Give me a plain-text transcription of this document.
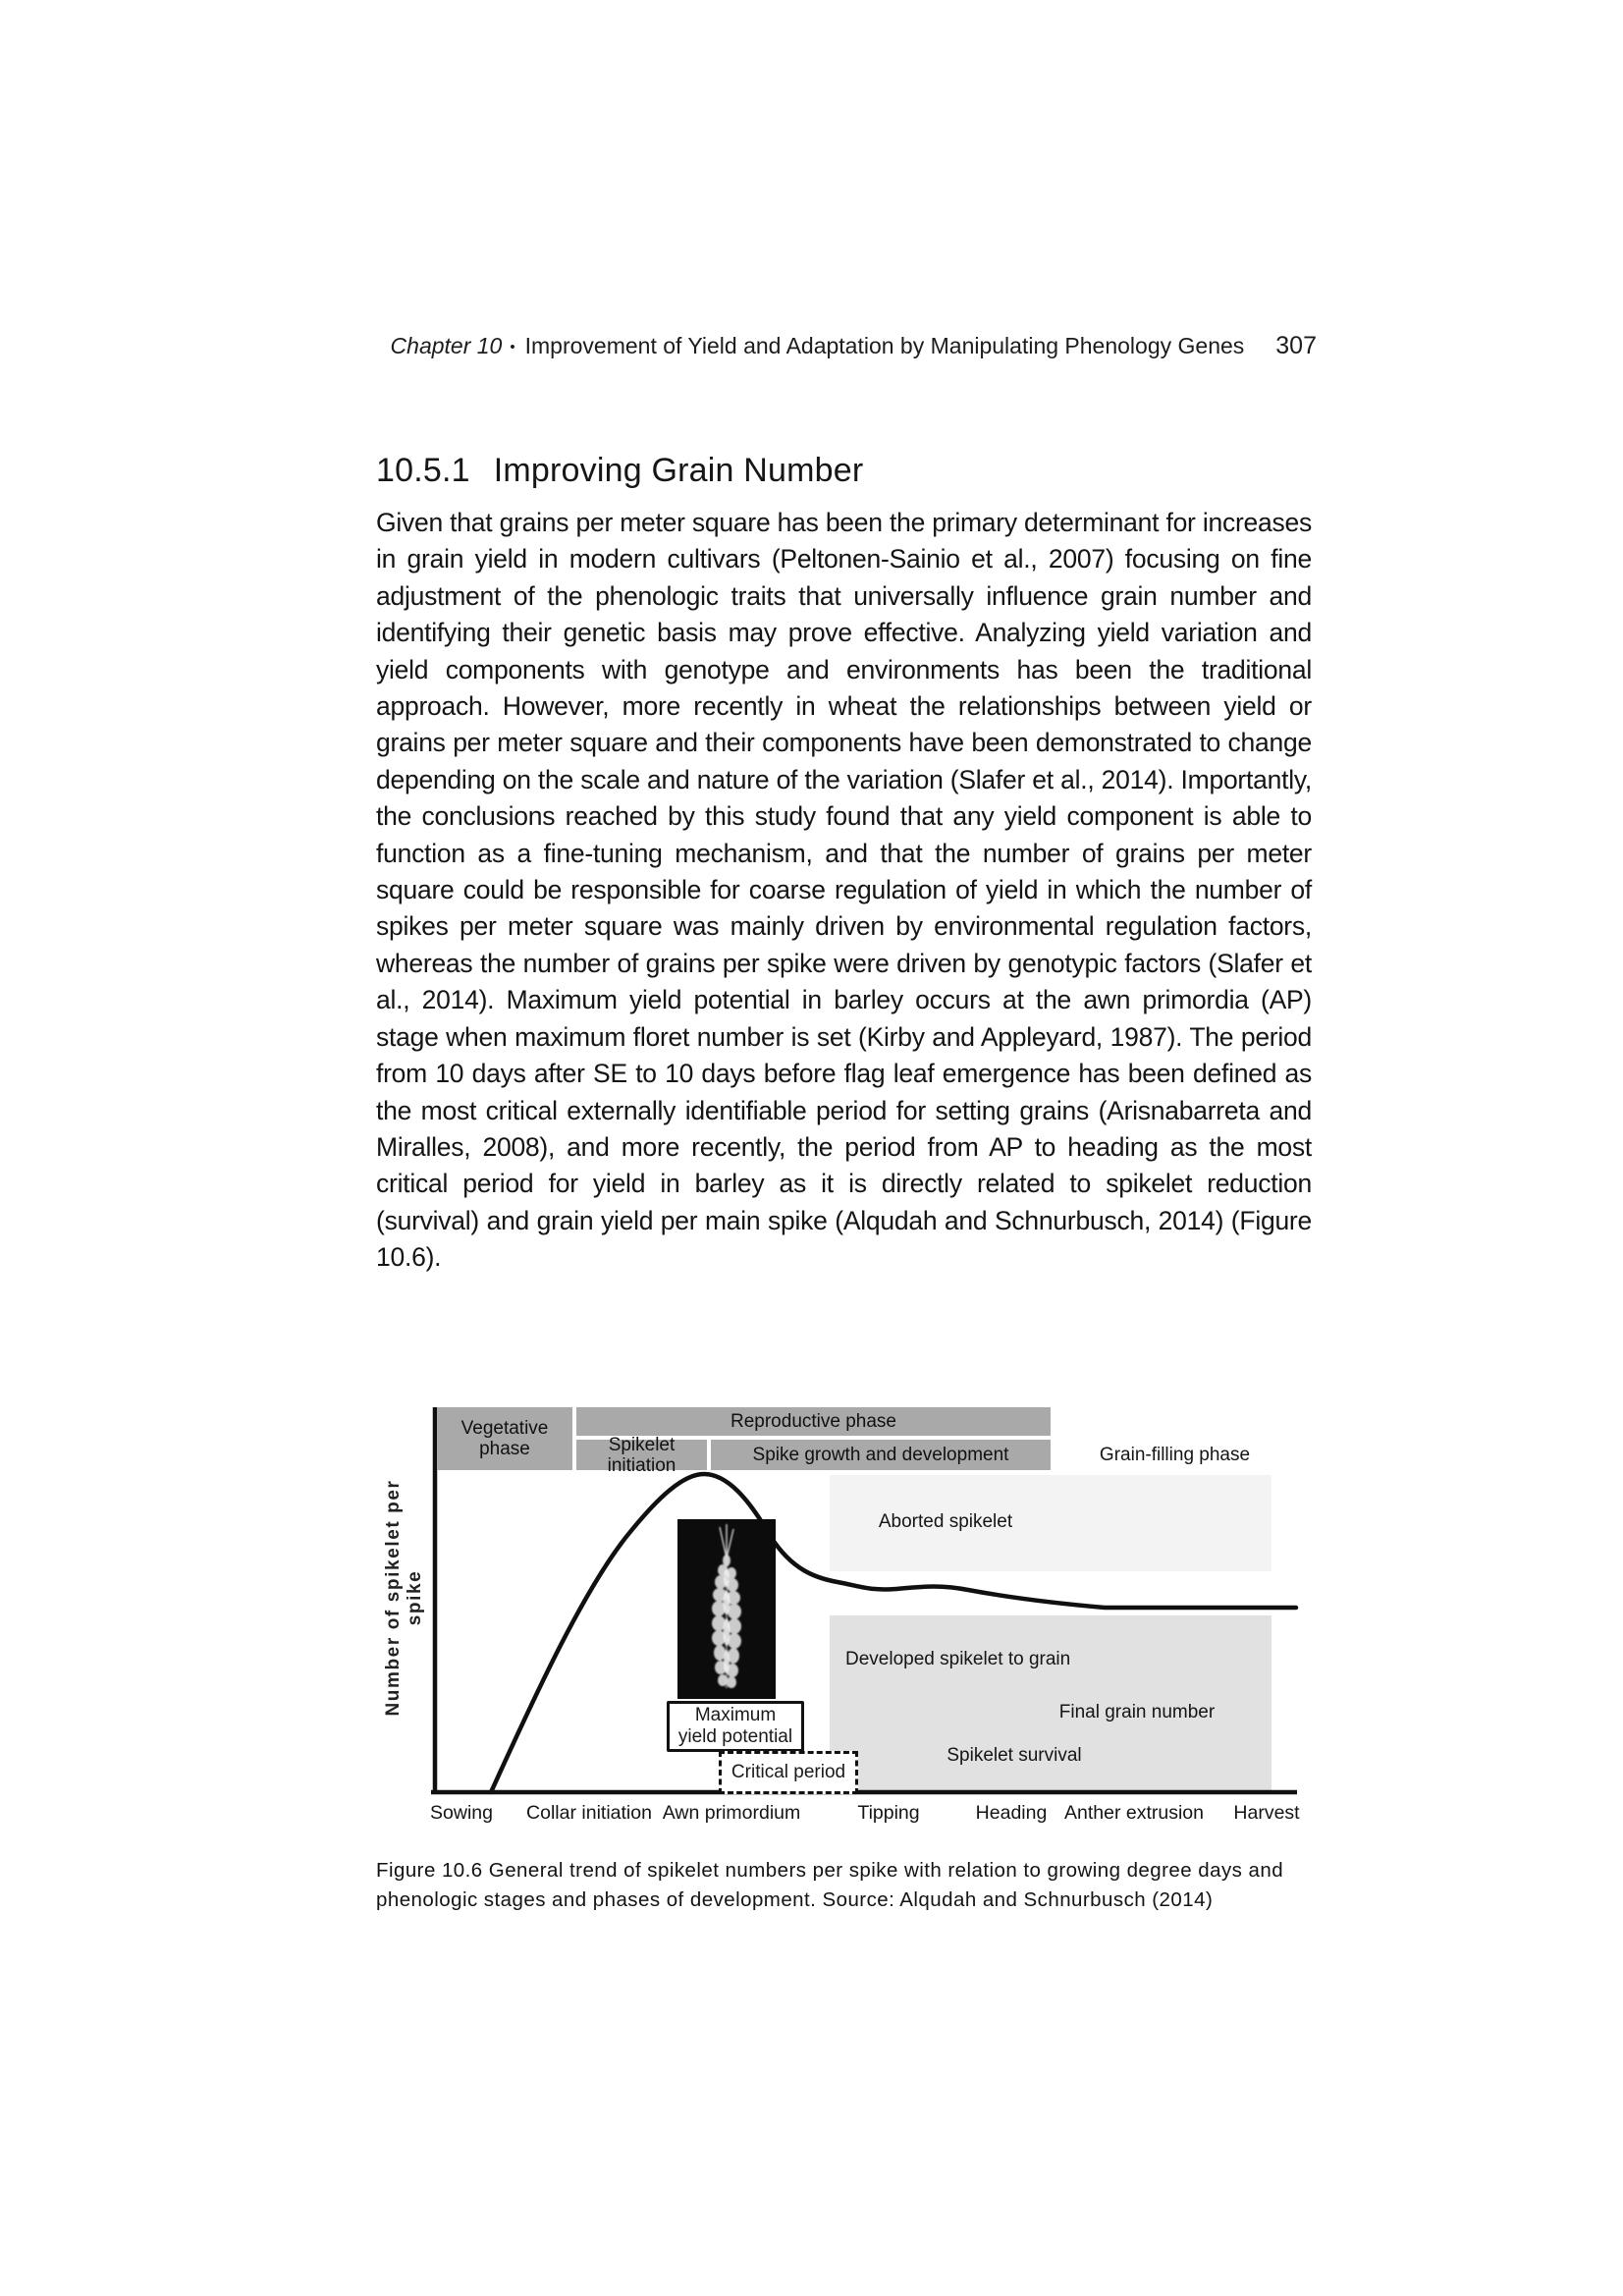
Chapter 10 • Improvement of Yield and Adaptation by Manipulating Phenology Genes 307
10.5.1 Improving Grain Number
Given that grains per meter square has been the primary determinant for increases in grain yield in modern cultivars (Peltonen-Sainio et al., 2007) focusing on fine adjustment of the phenologic traits that universally influence grain number and identifying their genetic basis may prove effective. Analyzing yield variation and yield components with genotype and environments has been the traditional approach. However, more recently in wheat the relationships between yield or grains per meter square and their components have been demonstrated to change depending on the scale and nature of the variation (Slafer et al., 2014). Importantly, the conclusions reached by this study found that any yield component is able to function as a fine-tuning mechanism, and that the number of grains per meter square could be responsible for coarse regulation of yield in which the number of spikes per meter square was mainly driven by environmental regulation factors, whereas the number of grains per spike were driven by genotypic factors (Slafer et al., 2014). Maximum yield potential in barley occurs at the awn primordia (AP) stage when maximum floret number is set (Kirby and Appleyard, 1987). The period from 10 days after SE to 10 days before flag leaf emergence has been defined as the most critical externally identifiable period for setting grains (Arisnabarreta and Miralles, 2008), and more recently, the period from AP to heading as the most critical period for yield in barley as it is directly related to spikelet reduction (survival) and grain yield per main spike (Alqudah and Schnurbusch, 2014) (Figure 10.6).
Vegetative phase
Reproductive phase
Spikelet initiation	Spike growth and development	Grain-filling phase
Aborted spikelet
Developed spikelet to grain
Final grain number
Spikelet survival
Maximum yield potential
Critical period
Number of spikelet per spike
Sowing Collar initiation Awn primordium	Tipping	Heading Anther extrusion Harvest
Figure 10.6 General trend of spikelet numbers per spike with relation to growing degree days and
phenologic stages and phases of development. Source: Alqudah and Schnurbusch (2014)
